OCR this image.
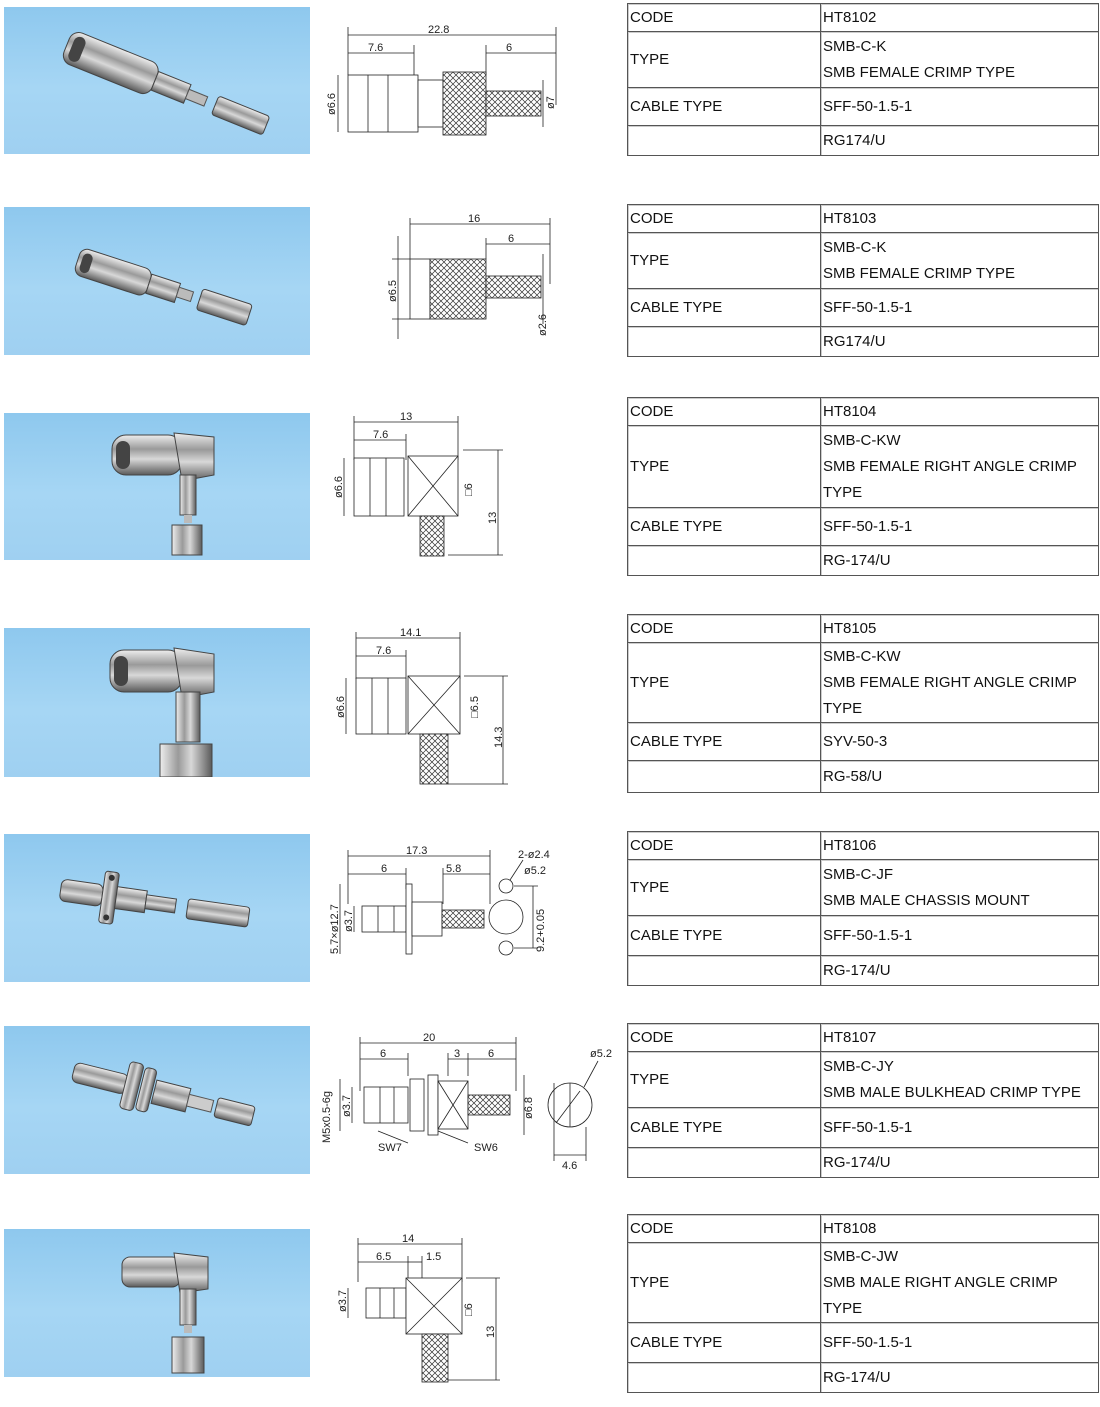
22.8
7.6	6
ø6.6	ø7
CODE	HT8102
TYPE	SMB-C-K
SMB FEMALE CRIMP TYPE

CABLE TYPE	SFF-50-1.5-1
	RG174/U
16
6
ø6.5
ø2.6
CODE	HT8103
TYPE	SMB-C-K
SMB FEMALE CRIMP TYPE

CABLE TYPE	SFF-50-1.5-1
	RG174/U
13
7.6
ø6.6	□6
13
CODE	HT8104
TYPE	SMB-C-KW
SMB FEMALE RIGHT ANGLE CRIMP
TYPE

CABLE TYPE	SFF-50-1.5-1
	RG-174/U
14.1
7.6
ø6.6	□6.5
14.3
CODE	HT8105
TYPE	SMB-C-KW
SMB FEMALE RIGHT ANGLE CRIMP
TYPE

CABLE TYPE	SYV-50-3
	RG-58/U
17.3
6	5.8
2-ø2.4
ø5.2
5.7×ø12.7 ø3.7	9.2+0.05
CODE	HT8106
TYPE	SMB-C-JF
SMB MALE CHASSIS MOUNT

CABLE TYPE	SFF-50-1.5-1
	RG-174/U
20
6	3	6	ø5.2
M5x0.5-6g ø3.7	ø6.8
SW7	SW6
4.6
CODE	HT8107
TYPE	SMB-C-JY
SMB MALE BULKHEAD CRIMP TYPE

CABLE TYPE	SFF-50-1.5-1
	RG-174/U
14
6.5	1.5
ø3.7	□6
13
CODE	HT8108
TYPE	SMB-C-JW
SMB MALE RIGHT ANGLE CRIMP
TYPE

CABLE TYPE	SFF-50-1.5-1
	RG-174/U
